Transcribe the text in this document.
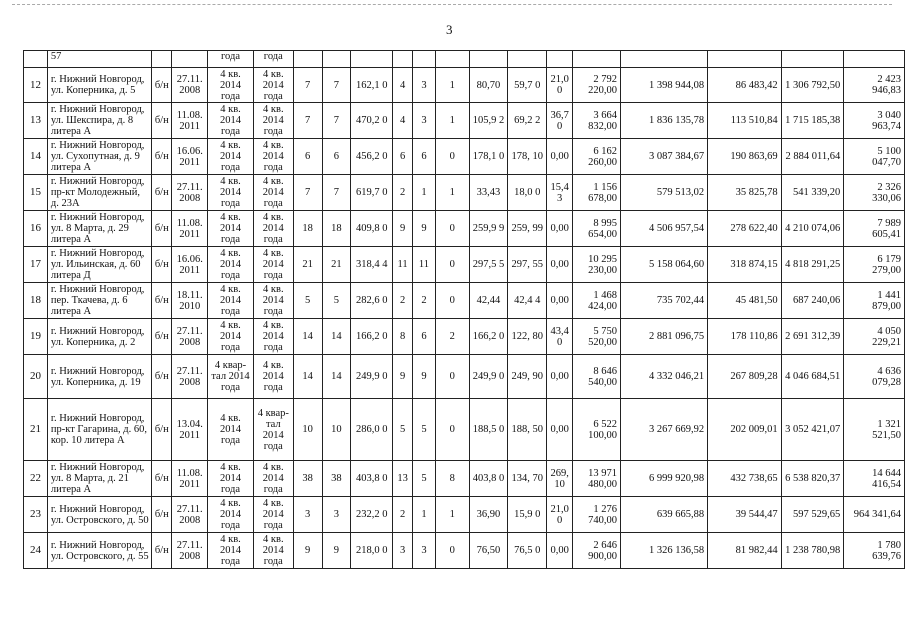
3
	57			года	года														
12	г. Нижний Новгород, ул. Коперника, д. 5	б/н	27.11. 2008	4 кв. 2014 года	4 кв. 2014 года	7	7	162,1 0	4	3	1	80,70	59,7 0	21,0 0	2 792 220,00	1 398 944,08	86 483,42	1 306 792,50	2 423 946,83
13	г. Нижний Новгород, ул. Шекспира, д. 8 литера А	б/н	11.08. 2011	4 кв. 2014 года	4 кв. 2014 года	7	7	470,2 0	4	3	1	105,9 2	69,2 2	36,7 0	3 664 832,00	1 836 135,78	113 510,84	1 715 185,38	3 040 963,74
14	г. Нижний Новгород, ул. Сухопутная, д. 9 литера А	б/н	16.06. 2011	4 кв. 2014 года	4 кв. 2014 года	6	6	456,2 0	6	6	0	178,1 0	178, 10	0,00	6 162 260,00	3 087 384,67	190 863,69	2 884 011,64	5 100 047,70
15	г. Нижний Новгород, пр-кт Молодежный, д. 23А	б/н	27.11. 2008	4 кв. 2014 года	4 кв. 2014 года	7	7	619,7 0	2	1	1	33,43	18,0 0	15,4 3	1 156 678,00	579 513,02	35 825,78	541 339,20	2 326 330,06
16	г. Нижний Новгород, ул. 8 Марта, д. 29 литера А	б/н	11.08. 2011	4 кв. 2014 года	4 кв. 2014 года	18	18	409,8 0	9	9	0	259,9 9	259, 99	0,00	8 995 654,00	4 506 957,54	278 622,40	4 210 074,06	7 989 605,41
17	г. Нижний Новгород, ул. Ильинская, д. 60 литера Д	б/н	16.06. 2011	4 кв. 2014 года	4 кв. 2014 года	21	21	318,4 4	11	11	0	297,5 5	297, 55	0,00	10 295 230,00	5 158 064,60	318 874,15	4 818 291,25	6 179 279,00
18	г. Нижний Новгород, пер. Ткачева, д. 6 литера А	б/н	18.11. 2010	4 кв. 2014 года	4 кв. 2014 года	5	5	282,6 0	2	2	0	42,44	42,4 4	0,00	1 468 424,00	735 702,44	45 481,50	687 240,06	1 441 879,00
19	г. Нижний Новгород, ул. Коперника, д. 2	б/н	27.11. 2008	4 кв. 2014 года	4 кв. 2014 года	14	14	166,2 0	8	6	2	166,2 0	122, 80	43,4 0	5 750 520,00	2 881 096,75	178 110,86	2 691 312,39	4 050 229,21
20	г. Нижний Новгород, ул. Коперника, д. 19	б/н	27.11. 2008	4 квар- тал 2014 года	4 кв. 2014 года	14	14	249,9 0	9	9	0	249,9 0	249, 90	0,00	8 646 540,00	4 332 046,21	267 809,28	4 046 684,51	4 636 079,28
21	г. Нижний Новгород, пр-кт Гагарина, д. 60, кор. 10 литера А	б/н	13.04. 2011	4 кв. 2014 года	4 квар- тал 2014 года	10	10	286,0 0	5	5	0	188,5 0	188, 50	0,00	6 522 100,00	3 267 669,92	202 009,01	3 052 421,07	1 321 521,50
22	г. Нижний Новгород, ул. 8 Марта, д. 21 литера А	б/н	11.08. 2011	4 кв. 2014 года	4 кв. 2014 года	38	38	403,8 0	13	5	8	403,8 0	134, 70	269, 10	13 971 480,00	6 999 920,98	432 738,65	6 538 820,37	14 644 416,54
23	г. Нижний Новгород, ул. Островского, д. 50	б/н	27.11. 2008	4 кв. 2014 года	4 кв. 2014 года	3	3	232,2 0	2	1	1	36,90	15,9 0	21,0 0	1 276 740,00	639 665,88	39 544,47	597 529,65	964 341,64
24	г. Нижний Новгород, ул. Островского, д. 55	б/н	27.11. 2008	4 кв. 2014 года	4 кв. 2014 года	9	9	218,0 0	3	3	0	76,50	76,5 0	0,00	2 646 900,00	1 326 136,58	81 982,44	1 238 780,98	1 780 639,76
